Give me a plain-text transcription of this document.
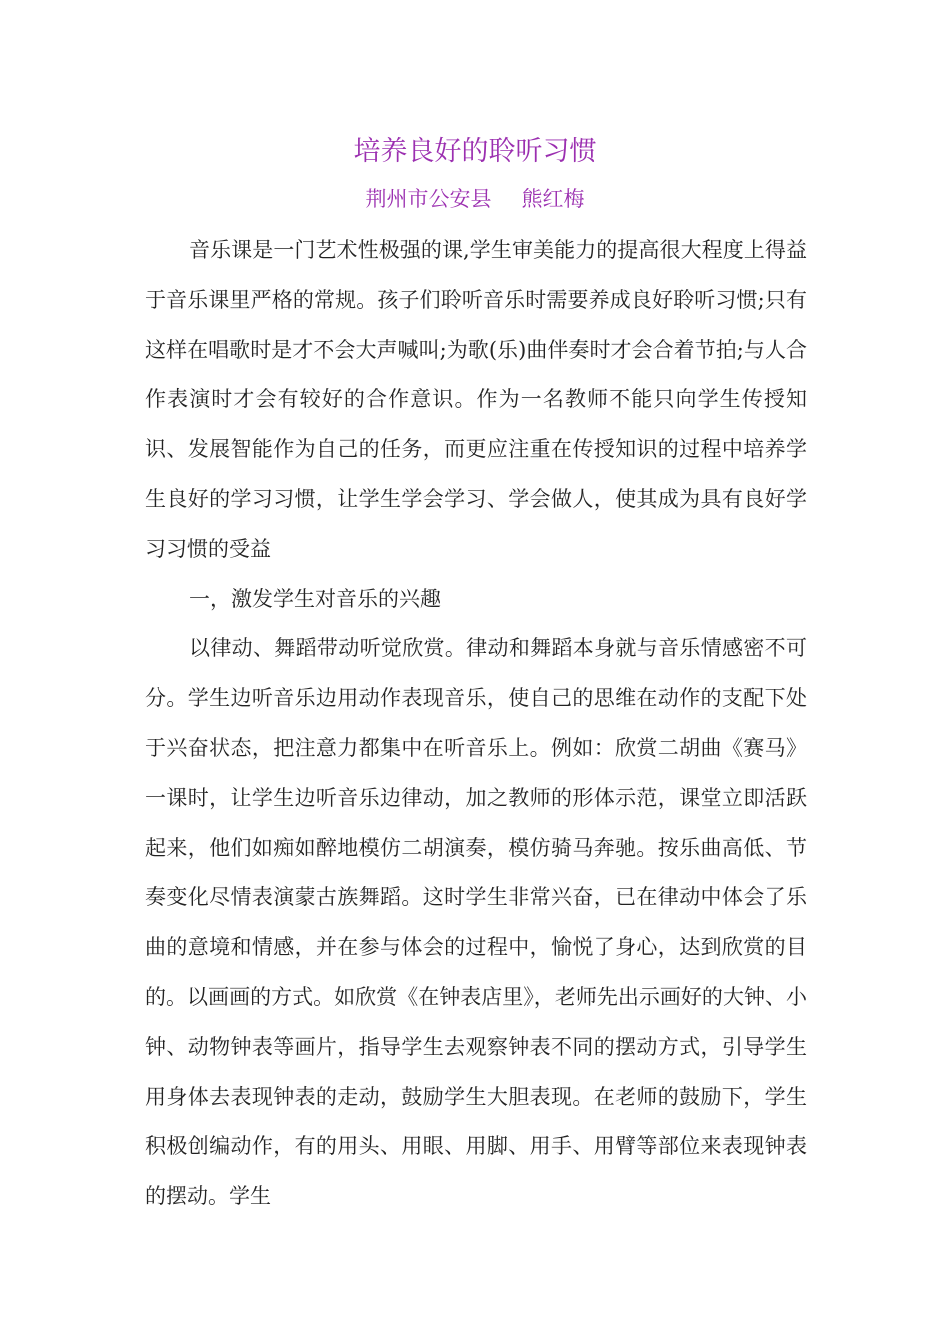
培养良好的聆听习惯
荆州市公安县 熊红梅

音乐课是一门艺术性极强的课,学生审美能力的提高很大程度上得益于音乐课里严格的常规。孩子们聆听音乐时需要养成良好聆听习惯;只有这样在唱歌时是才不会大声喊叫;为歌(乐)曲伴奏时才会合着节拍;与人合作表演时才会有较好的合作意识。作为一名教师不能只向学生传授知识、发展智能作为自己的任务，而更应注重在传授知识的过程中培养学生良好的学习习惯，让学生学会学习、学会做人，使其成为具有良好学习习惯的受益

一，激发学生对音乐的兴趣

以律动、舞蹈带动听觉欣赏。律动和舞蹈本身就与音乐情感密不可分。学生边听音乐边用动作表现音乐，使自己的思维在动作的支配下处于兴奋状态，把注意力都集中在听音乐上。例如：欣赏二胡曲《赛马》一课时，让学生边听音乐边律动，加之教师的形体示范，课堂立即活跃起来，他们如痴如醉地模仿二胡演奏，模仿骑马奔驰。按乐曲高低、节奏变化尽情表演蒙古族舞蹈。这时学生非常兴奋，已在律动中体会了乐曲的意境和情感，并在参与体会的过程中，愉悦了身心，达到欣赏的目的。以画画的方式。如欣赏《在钟表店里》，老师先出示画好的大钟、小钟、动物钟表等画片，指导学生去观察钟表不同的摆动方式，引导学生用身体去表现钟表的走动，鼓励学生大胆表现。在老师的鼓励下，学生积极创编动作，有的用头、用眼、用脚、用手、用臂等部位来表现钟表的摆动。学生
